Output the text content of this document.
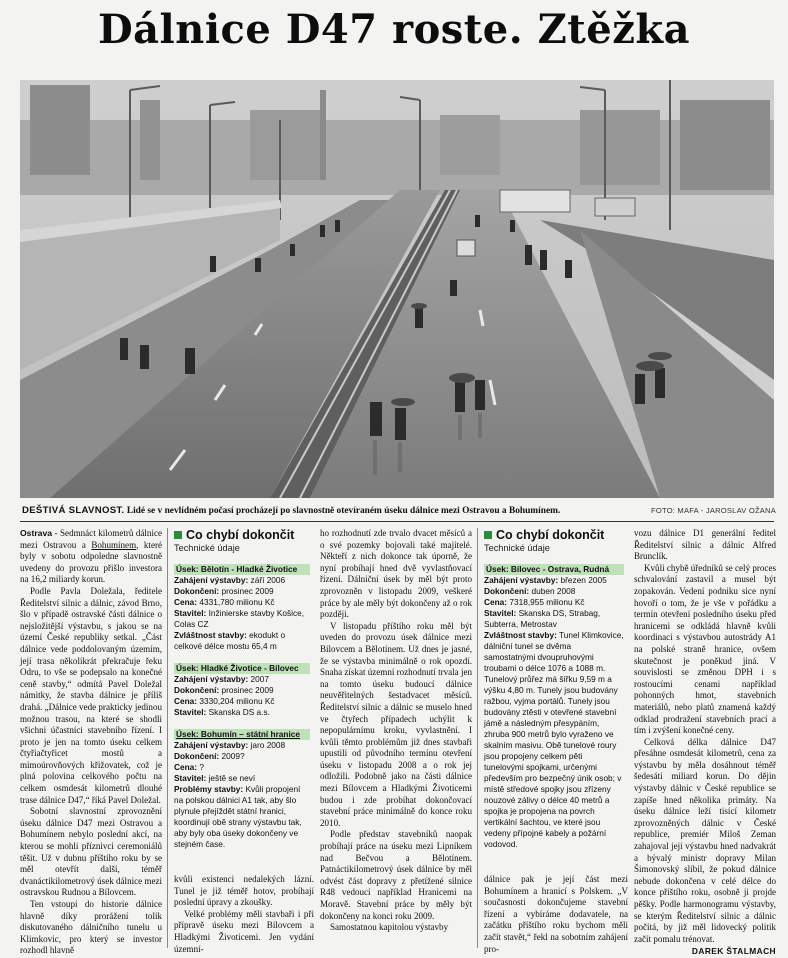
Dálnice D47 roste. Ztěžka
DEŠTIVÁ SLAVNOST. Lidé se v nevlídném počasí procházejí po slavnostně otevíraném úseku dálnice mezi Ostravou a Bohumínem.	FOTO: MAFA - JAROSLAV OŽANA

Ostrava - Sedmnáct kilometrů dálnice mezi Ostravou a Bohumínem, které byly v sobotu odpoledne slavnostně uvedeny do provozu přišlo investora na 16,2 miliardy korun.

Podle Pavla Doležala, ředitele Ředitelství silnic a dálnic, závod Brno, šlo v případě ostravské části dálnice o nejsložitější výstavbu, s jakou se na území České republiky setkal. „Část dálnice vede poddolovaným územím, její trasa několikrát překračuje řeku Odru, to vše se podepsalo na konečné ceně stavby,“ odmítá Pavel Doležal námitky, že stavba dálnice je příliš drahá. „Dálnice vede prakticky jedinou možnou trasou, na které se shodli všichni účastníci stavebního řízení. I proto je jen na tomto úseku celkem čtyřiačtyřicet mostů a mimoúrovňových křižovatek, což je plná polovina celkového počtu na celkem osmdesát kilometrů dlouhé trase dálnice D47,“ říká Pavel Doležal.

Sobotní slavnostní zprovoznění úseku dálnice D47 mezi Ostravou a Bohumínem nebylo poslední akcí, na kterou se mohli příznivci ceremoniálů těšit. Už v dubnu příštího roku by se měl otevřít další, téměř dvanáctikilometrový úsek dálnice mezi ostravskou Rudnou a Bílovcem.

Ten vstoupí do historie dálnice hlavně díky prorážení tolik diskutovaného dálničního tunelu u Klimkovic, pro který se investor rozhodl hlavně

Co chybí dokončit
Technické údaje
Úsek: Bělotín - Hladké Životice
Zahájení výstavby: září 2006
Dokončení: prosinec 2009
Cena: 4331,780 milionu Kč
Stavitel: Inžinierske stavby Košice, Colas CZ
Zvláštnost stavby: ekodukt o celkové délce mostu 65,4 m
Úsek: Hladké Životice - Bílovec
Zahájení výstavby: 2007
Dokončení: prosinec 2009
Cena: 3330,204 milionu Kč
Stavitel: Skanska DS a.s.
Úsek: Bohumín – státní hranice
Zahájení výstavby: jaro 2008
Dokončení: 2009?
Cena: ?
Stavitel: ještě se neví
Problémy stavby: Kvůli propojení na polskou dálnici A1 tak, aby šlo plynule přejíždět státní hranici, koordinují obě strany výstavbu tak, aby byly oba úseky dokončeny ve stejném čase.

kvůli existenci nedalekých lázní. Tunel je již téměř hotov, probíhají poslední úpravy a zkoušky.

Velké problémy měli stavbaři i při přípravě úseku mezi Bílovcem a Hladkými Životicemi. Jen vydání územní-

ho rozhodnutí zde trvalo dvacet měsíců a o své pozemky bojovali také majitelé. Někteří z nich dokonce tak úporně, že nyní probíhají hned dvě vyvlastňovací řízení. Dálniční úsek by měl být proto zprovozněn v listopadu 2009, veškeré práce by ale měly být dokončeny až o rok později.

V listopadu příštího roku měl být uveden do provozu úsek dálnice mezi Bílovcem a Bělotínem. Už dnes je jasné, že se výstavba minimálně o rok opozdí. Snaha získat územní rozhodnutí trvala jen na tomto úseku budoucí dálnice neuvěřitelných šestadvacet měsíců. Ředitelství silnic a dálnic se muselo hned ve čtyřech případech uchýlit k nepopulárnímu kroku, vyvlastnění. I kvůli těmto problémům již dnes stavbaři upustili od původního termínu otevření úseku v listopadu 2008 a o rok jej odložili. Podobně jako na části dálnice mezi Bílovcem a Hladkými Životicemi budou i zde probíhat dokončovací stavební práce minimálně do konce roku 2010.

Podle představ stavebníků naopak probíhají práce na úseku mezi Lipníkem nad Bečvou a Bělotínem. Patnáctikilometrový úsek dálnice by měl odvést část dopravy z přetížené silnice R48 vedoucí například Hranicemi na Moravě. Stavební práce by měly být dokončeny na konci roku 2009.

Samostatnou kapitolou výstavby

Co chybí dokončit
Technické údaje
Úsek: Bílovec - Ostrava, Rudná
Zahájení výstavby: březen 2005
Dokončení: duben 2008
Cena: 7318,955 milionu Kč
Stavitel: Skanska DS, Strabag, Subterra, Metrostav
Zvláštnost stavby: Tunel Klimkovice, dálniční tunel se dvěma samostatnými dvoupruhovými troubami o délce 1076 a 1088 m. Tunelový průřez má šířku 9,59 m a výšku 4,80 m. Tunely jsou budovány ražbou, vyjma portálů. Tunely jsou budovány ztěsti v otevřené stavební jámě a následným přesypáním, zhruba 900 metrů bylo vyraženo ve skalním masivu. Obě tunelové roury jsou propojeny celkem pěti tunelovými spojkami, určenými především pro bezpečný únik osob; v místě středové spojky jsou zřízeny nouzové zálivy o délce 40 metrů a spojka je propojena na povrch vertikální šachtou, ve které jsou vedeny přípojné kabely a požární vodovod.

dálnice pak je její část mezi Bohumínem a hranicí s Polskem. „V současnosti dokončujeme stavební řízení a vybíráme dodavatele, na začátku příštího roku bychom měli začít stavět,“ řekl na sobotním zahájení pro-

vozu dálnice D1 generální ředitel Ředitelství silnic a dálnic Alfred Brunclík.

Kvůli chybě úředníků se celý proces schvalování zastavil a musel být zopakován. Vedení podniku sice nyní hovoří o tom, že je vše v pořádku a termín otevření posledního úseku před hranicemi se odkládá hlavně kvůli koordinaci s výstavbou autostrády A1 na polské straně hranice, ovšem skutečnost je poněkud jiná. V souvislosti se změnou DPH i s rostoucími cenami například pohonných hmot, stavebních materiálů, nebo platů znamená každý odklad prodražení stavebních prací a tím i zvýšení konečné ceny.

Celková délka dálnice D47 přesáhne osmdesát kilometrů, cena za výstavbu by měla dosáhnout téměř šedesáti miliard korun. Do dějin výstavby dálnic v České republice se zapíše hned několika primáty. Na úseku dálnice leží tisící kilometr zprovozněných dálnic v České republice, premiér Miloš Zeman zahajoval její výstavbu hned nadvakrát a bývalý ministr dopravy Milan Šimonovský slíbil, že pokud dálnice nebude dokončena v celé délce do konce příštího roku, osobně ji projde pěšky. Podle harmonogramu výstavby, se kterým Ředitelství silnic a dálnic počítá, by již měl lidovecký politik začít pomalu trénovat.

DAREK ŠTALMACH
